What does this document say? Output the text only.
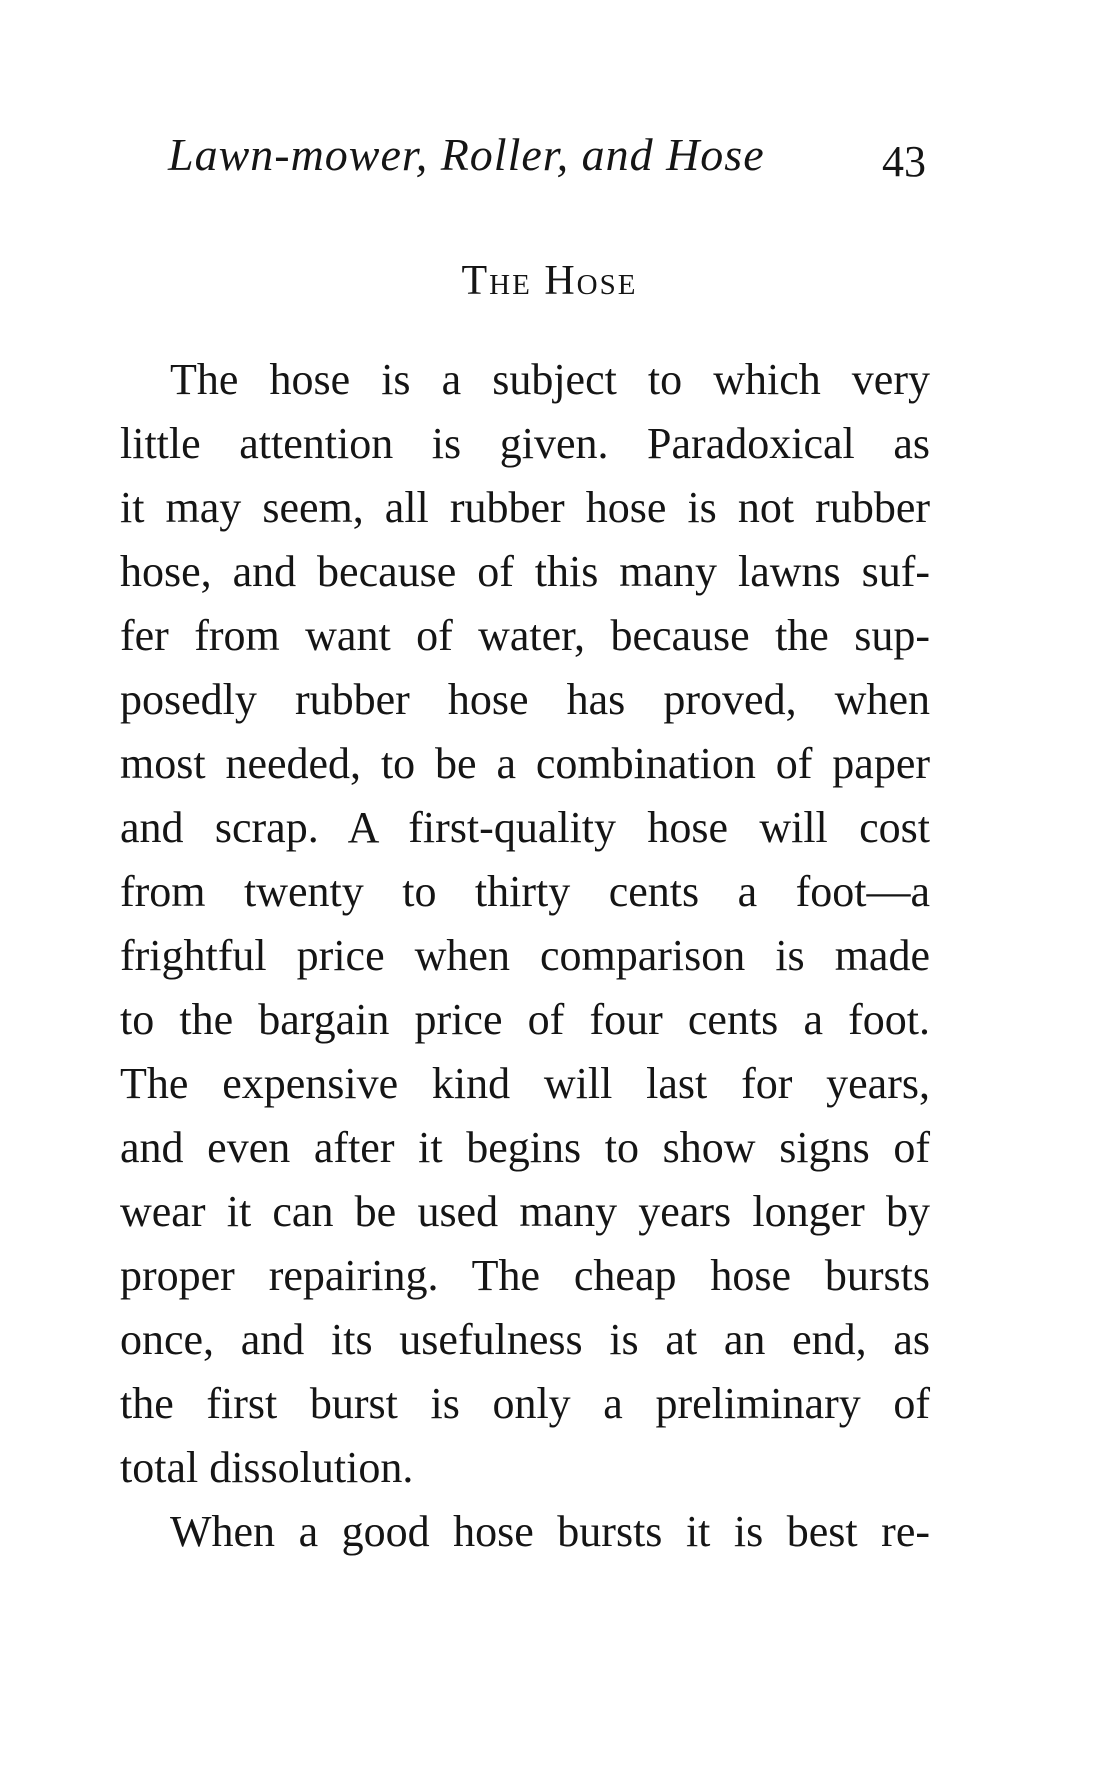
Lawn-mower, Roller, and Hose	43
The Hose
The hose is a subject to which very
little attention is given. Paradoxical as
it may seem, all rubber hose is not rubber
hose, and because of this many lawns suf-
fer from want of water, because the sup-
posedly rubber hose has proved, when
most needed, to be a combination of paper
and scrap. A first-quality hose will cost
from twenty to thirty cents a foot—a
frightful price when comparison is made
to the bargain price of four cents a foot.
The expensive kind will last for years,
and even after it begins to show signs of
wear it can be used many years longer by
proper repairing. The cheap hose bursts
once, and its usefulness is at an end, as
the first burst is only a preliminary of
total dissolution.
When a good hose bursts it is best re-
